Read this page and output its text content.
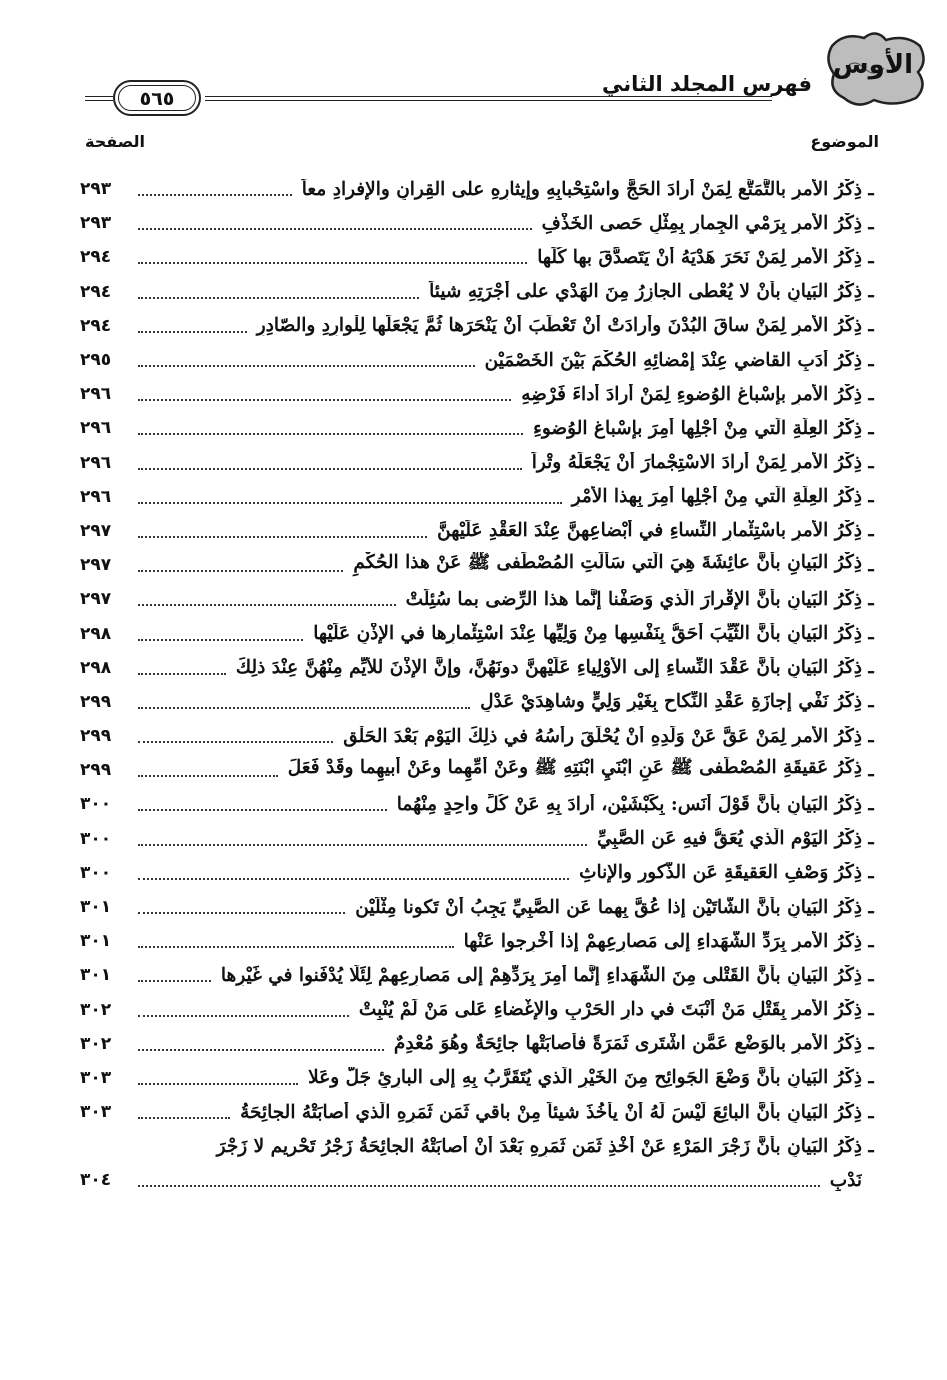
الأوس
فهرس المجلد الثاني
٥٦٥
الموضوع
الصفحة
ـ
ذِكْرُ الأمرِ بالتَّمَتُّعِ لِمَنْ أرادَ الحَجَّ واسْتِحْبابِهِ وإيثارِهِ على القِرانِ والإفرادِ معاً
٢٩٣
ـ
ذِكْرُ الأمرِ بِرَمْيِ الجِمارِ بِمِثْلِ حَصى الخَذْفِ
٢٩٣
ـ
ذِكْرُ الأمرِ لِمَنْ نَحَرَ هَدْيَهُ أنْ يَتَصدَّقَ بها كُلِّها
٢٩٤
ـ
ذِكْرُ البَيانِ بأنْ لا يُعْطى الجازِرُ مِنَ الهَدْيِ على أُجْرَتِهِ شيئاً
٢٩٤
ـ
ذِكْرُ الأمرِ لِمَنْ ساقَ البُدْنَ وأرادَتْ أنْ تَعْطَبَ أنْ يَنْحَرَها ثُمَّ يَجْعَلَها لِلْوارِدِ والصّادِرِ
٢٩٤
ـ
ذِكْرُ أدَبِ القاضي عِنْدَ إمْضائِهِ الحُكْمَ بَيْنَ الخَصْمَيْنِ
٢٩٥
ـ
ذِكْرُ الأمرِ بإسْباغِ الوُضوءِ لِمَنْ أرادَ أداءَ فَرْضِهِ
٢٩٦
ـ
ذِكْرُ العِلَّةِ الَّتي مِنْ أجْلِها أُمِرَ بإسْباغِ الوُضوءِ
٢٩٦
ـ
ذِكْرُ الأمرِ لِمَنْ أرادَ الاسْتِجْمارَ أنْ يَجْعَلَهُ وِتْراً
٢٩٦
ـ
ذِكْرُ العِلَّةِ الَّتي مِنْ أجْلِها أُمِرَ بِهذا الأمْرِ
٢٩٦
ـ
ذِكْرُ الأمرِ باسْتِئْمارِ النِّساءِ في أبْضاعِهِنَّ عِنْدَ العَقْدِ عَلَيْهِنَّ
٢٩٧
ـ
ذِكْرُ البَيانِ بأنَّ عائِشَةَ هِيَ الَّتي سَألَتِ المُصْطَفى ﷺ عَنْ هذا الحُكْمِ
٢٩٧
ـ
ذِكْرُ البَيانِ بأنَّ الإقْرارَ الَّذي وَصَفْنا إنَّما هذا الرِّضى بما سُئِلَتْ
٢٩٧
ـ
ذِكْرُ البَيانِ بأنَّ الثَّيِّبَ أحَقُّ بِنَفْسِها مِنْ وَلِيِّها عِنْدَ اسْتِئْمارِها في الإذْنِ عَلَيْها
٢٩٨
ـ
ذِكْرُ البَيانِ بأنَّ عَقْدَ النِّساءِ إلى الأوْلِياءِ عَلَيْهِنَّ دونَهُنَّ، وإنَّ الإذْنَ للأيِّمِ مِنْهُنَّ عِنْدَ ذلِكَ
٢٩٨
ـ
ذِكْرُ نَفْيِ إجازَةِ عَقْدِ النِّكاحِ بِغَيْرِ وَلِيٍّ وشاهِدَيْ عَدْلٍ
٢٩٩
ـ
ذِكْرُ الأمرِ لِمَنْ عَقَّ عَنْ وَلَدِهِ أنْ يُحْلَقَ رأسُهُ في ذلِكَ اليَوْمِ بَعْدَ الحَلْقِ
٢٩٩
ـ
ذِكْرُ عَقيقَةِ المُصْطَفى ﷺ عَنِ ابْنَيِ ابْنَتِهِ ﷺ وعَنْ أُمِّهِما وعَنْ أبيهِما وقَدْ فَعَلَ
٢٩٩
ـ
ذِكْرُ البَيانِ بأنَّ قَوْلَ أنَسٍ: بِكَبْشَيْنِ، أرادَ بِهِ عَنْ كُلِّ واحِدٍ مِنْهُما
٣٠٠
ـ
ذِكْرُ اليَوْمِ الَّذي يُعَقُّ فيهِ عَنِ الصَّبِيِّ
٣٠٠
ـ
ذِكْرُ وَصْفِ العَقيقَةِ عَنِ الذُّكورِ والإناثِ
٣٠٠
ـ
ذِكْرُ البَيانِ بأنَّ الشّاتَيْنِ إذا عُقَّ بِهِما عَنِ الصَّبِيِّ يَجِبُ أنْ تَكونا مِثْلَيْنِ
٣٠١
ـ
ذِكْرُ الأمرِ بِرَدِّ الشُّهَداءِ إلى مَصارِعِهِمْ إذا أُخْرِجوا عَنْها
٣٠١
ـ
ذِكْرُ البَيانِ بأنَّ القَتْلى مِنَ الشُّهَداءِ إنَّما أُمِرَ بِرَدِّهِمْ إلى مَصارِعِهِمْ لِئَلّا يُدْفَنوا في غَيْرِها
٣٠١
ـ
ذِكْرُ الأمرِ بِقَتْلِ مَنْ أنْبَتَ في دارِ الحَرْبِ والإغْضاءِ عَلى مَنْ لَمْ يُنْبِتْ
٣٠٢
ـ
ذِكْرُ الأمرِ بالوَضْعِ عَمَّنِ اشْتَرى ثَمَرَةً فأصابَتْها جائِحَةٌ وهُوَ مُعْدِمٌ
٣٠٢
ـ
ذِكْرُ البَيانِ بأنَّ وَضْعَ الجَوائِحِ مِنَ الخَيْرِ الَّذي يُتَقَرَّبُ بِهِ إلى البارِئِ جَلَّ وعَلا
٣٠٣
ـ
ذِكْرُ البَيانِ بأنَّ البائِعَ لَيْسَ لَهُ أنْ يأخُذَ شيئاً مِنْ باقي ثَمَنِ ثَمَرِهِ الَّذي أصابَتْهُ الجائِحَةُ
٣٠٣
ـ
ذِكْرُ البَيانِ بأنَّ زَجْرَ المَرْءِ عَنْ أخْذِ ثَمَنِ ثَمَرِهِ بَعْدَ أنْ أصابَتْهُ الجائِحَةُ زَجْرُ تَحْريمٍ لا زَجْرَ
نَدْبٍ
٣٠٤
